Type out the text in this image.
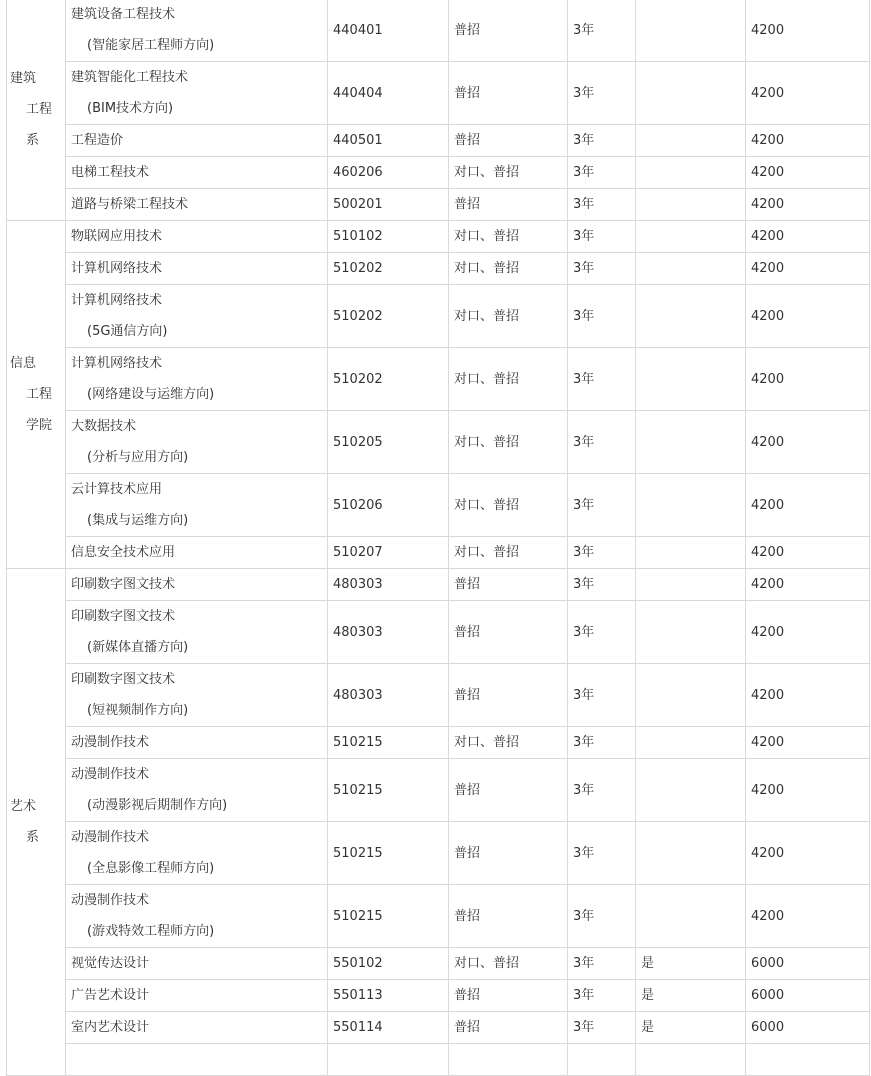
建筑
工程
系	建筑设备工程技术
(智能家居工程师方向)	440401	普招	3年		4200

	建筑智能化工程技术
(BIM技术方向)	440404	普招	3年		4200

	工程造价	440501	普招	3年		4200

	电梯工程技术	460206	对口、普招	3年		4200

	道路与桥梁工程技术	500201	普招	3年		4200

信息
工程
学院	物联网应用技术	510102	对口、普招	3年		4200

	计算机网络技术	510202	对口、普招	3年		4200

	计算机网络技术
(5G通信方向)	510202	对口、普招	3年		4200

	计算机网络技术
(网络建设与运维方向)	510202	对口、普招	3年		4200

	大数据技术
(分析与应用方向)	510205	对口、普招	3年		4200

	云计算技术应用
(集成与运维方向)	510206	对口、普招	3年		4200

	信息安全技术应用	510207	对口、普招	3年		4200

艺术
系	印刷数字图文技术	480303	普招	3年		4200

	印刷数字图文技术
(新媒体直播方向)	480303	普招	3年		4200

	印刷数字图文技术
(短视频制作方向)	480303	普招	3年		4200

	动漫制作技术	510215	对口、普招	3年		4200

	动漫制作技术
(动漫影视后期制作方向)	510215	普招	3年		4200

	动漫制作技术
(全息影像工程师方向)	510215	普招	3年		4200

	动漫制作技术
(游戏特效工程师方向)	510215	普招	3年		4200

	视觉传达设计	550102	对口、普招	3年	是	6000

	广告艺术设计	550113	普招	3年	是	6000

	室内艺术设计	550114	普招	3年	是	6000
